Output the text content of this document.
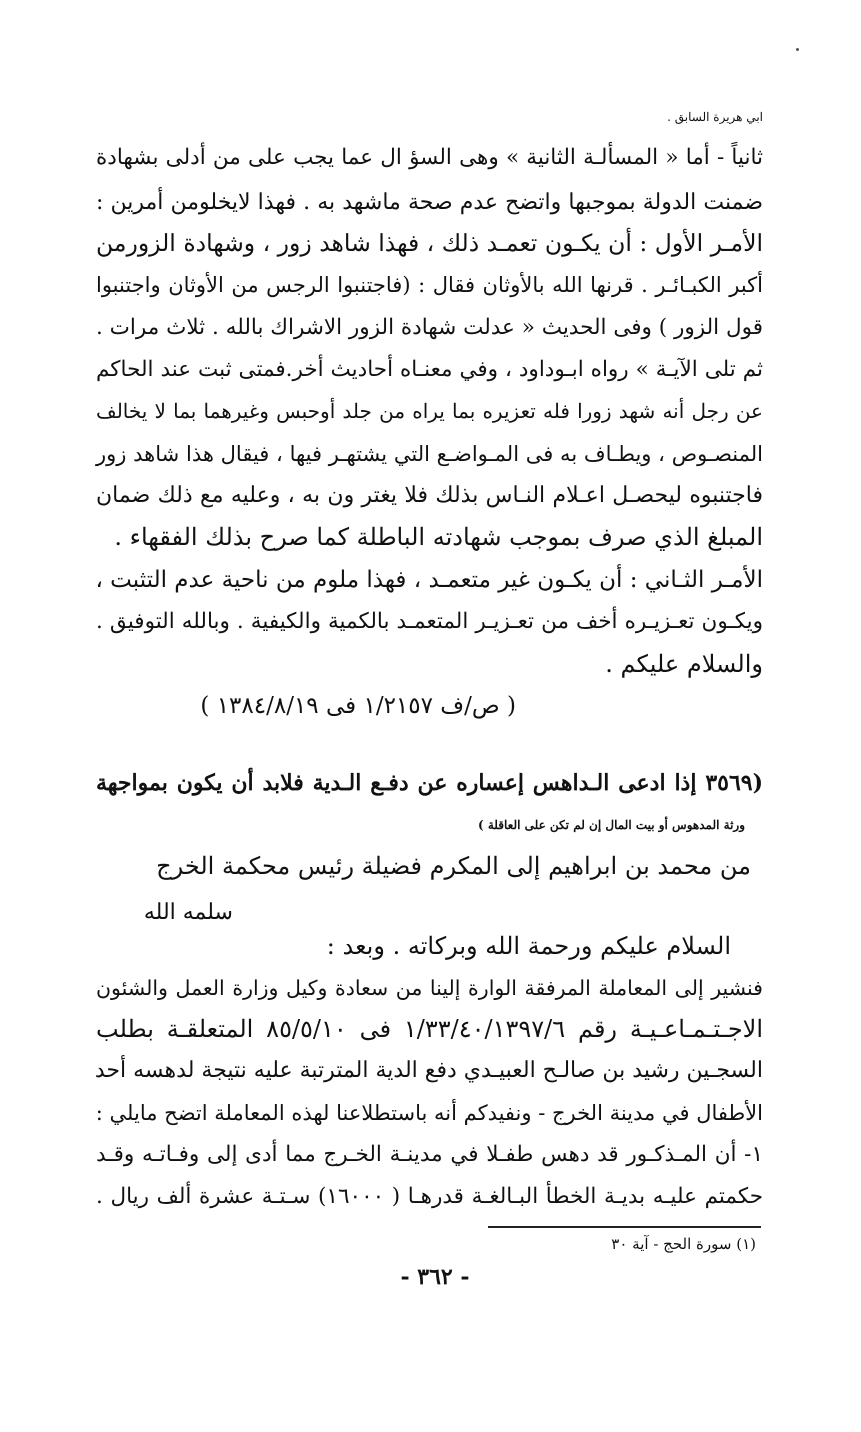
ابي هريرة السابق .
ثانياً - أما « المسألـة الثانية » وهى السؤ ال عما يجب على من أدلى بشهادة
ضمنت الدولة بموجبها واتضح عدم صحة ماشهد به . فهذا لايخلومن أمرين :
الأمـر الأول : أن يكـون تعمـد ذلك ، فهذا شاهد زور ، وشهادة الزورمن
أكبر الكبـائـر . قرنها الله بالأوثان فقال : (فاجتنبوا الرجس من الأوثان واجتنبوا
قول الزور ) وفى الحديث « عدلت شهادة الزور الاشراك بالله . ثلاث مرات .
ثم تلى الآيـة » رواه ابـوداود ، وفي معنـاه أحاديث أخر.فمتى ثبت عند الحاكم
عن رجل أنه شهد زورا فله تعزيره بما يراه من جلد أوحبس وغيرهما بما لا يخالف
المنصـوص ، ويطـاف به فى المـواضـع التي يشتهـر فيها ، فيقال هذا شاهد زور
فاجتنبوه ليحصـل اعـلام النـاس بذلك فلا يغتر ون به ، وعليه مع ذلك ضمان
المبلغ الذي صرف بموجب شهادته الباطلة كما صرح بذلك الفقهاء .
الأمـر الثـاني : أن يكـون غير متعمـد ، فهذا ملوم من ناحية عدم التثبت ،
ويكـون تعـزيـره أخف من تعـزيـر المتعمـد بالكمية والكيفية . وبالله التوفيق .
والسلام عليكم .
( ص/ف ١/٢١٥٧ فى ١٣٨٤/٨/١٩ )
(٣٥٦٩ إذا ادعى الـداهس إعساره عن دفـع الـدية فلابد أن يكون بمواجهة
ورثة المدهوس أو بيت المال إن لم تكن على العاقلة )
من محمد بن ابراهيم إلى المكرم فضيلة رئيس محكمة الخرج
سلمه الله
السلام عليكم ورحمة الله وبركاته . وبعد :
فنشير إلى المعاملة المرفقة الوارة إلينا من سعادة وكيل وزارة العمل والشئون
الاجـتـمـاعـيـة رقم ١/٣٣/٤٠/١٣٩٧/٦ فى ٨٥/٥/١٠ المتعلقـة بطلب
السجـين رشيد بن صالـح العبيـدي دفع الدية المترتبة عليه نتيجة لدهسه أحد
الأطفال في مدينة الخرج - ونفيدكم أنه باستطلاعنا لهذه المعاملة اتضح مايلي :
١- أن المـذكـور قد دهس طفـلا في مدينـة الخـرج مما أدى إلى وفـاتـه وقـد
حكمتم عليـه بديـة الخطأ البـالغـة قدرهـا ( ١٦٠٠٠) سـتـة عشرة ألف ريال .
(١) سورة الحج - آية ٣٠
- ٣٦٢ -
